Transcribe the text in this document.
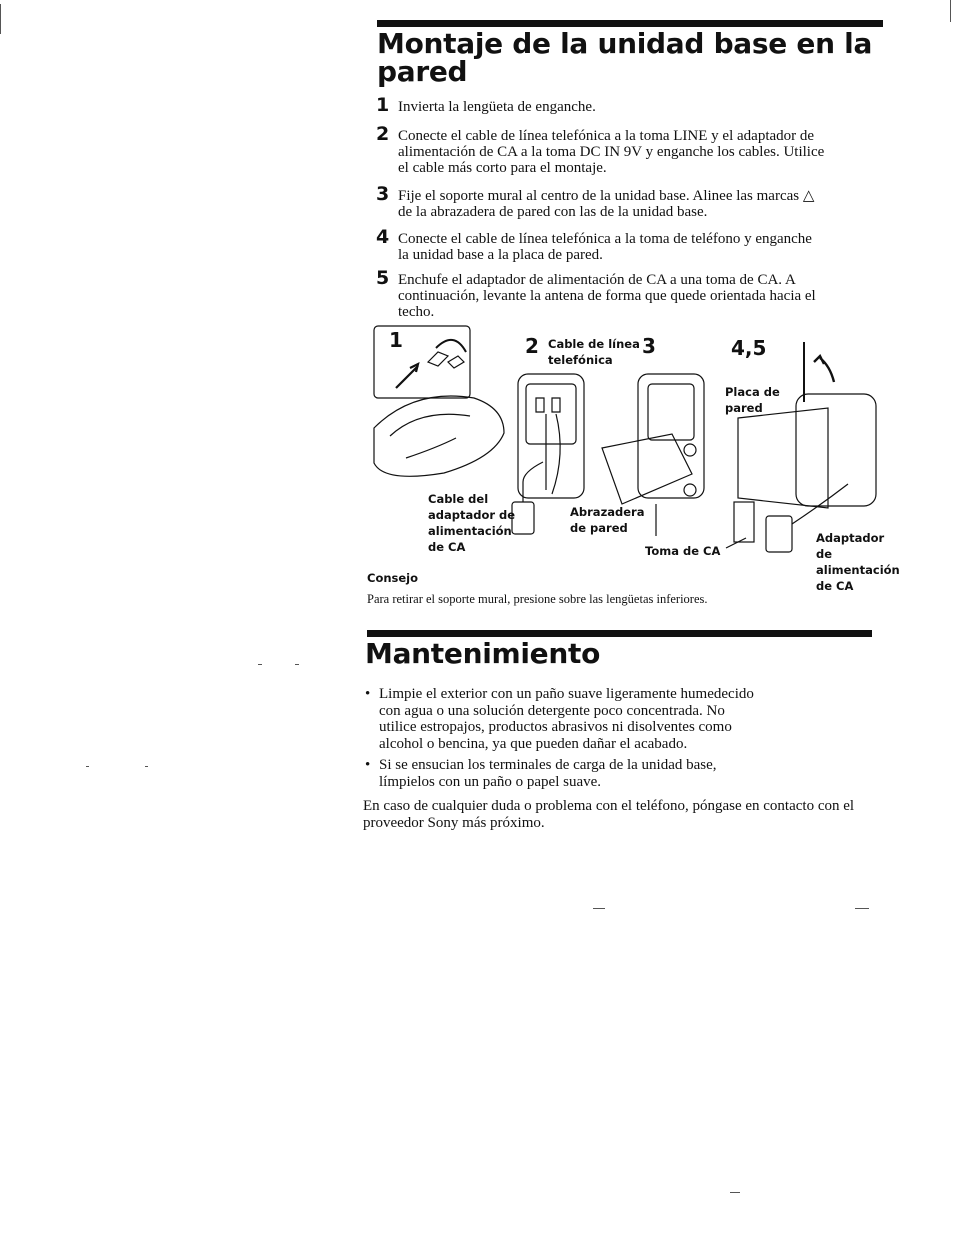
Montaje de la unidad base en la
pared
1 Invierta la lengüeta de enganche.
2 Conecte el cable de línea telefónica a la toma LINE y el adaptador de
alimentación de CA a la toma DC IN 9V y enganche los cables. Utilice
el cable más corto para el montaje.
3 Fije el soporte mural al centro de la unidad base. Alinee las marcas △
de la abrazadera de pared con las de la unidad base.
4 Conecte el cable de línea telefónica a la toma de teléfono y enganche
la unidad base a la placa de pared.
5 Enchufe el adaptador de alimentación de CA a una toma de CA. A
continuación, levante la antena de forma que quede orientada hacia el
techo.
1	2	3	4,5
Cable de línea
telefónica
Cable del
adaptador de
alimentación
de CA
Abrazadera
de pared
Toma de CA
Placa de
pared
Adaptador
de
alimentación
de CA
Consejo
Para retirar el soporte mural, presione sobre las lengüetas inferiores.
Mantenimiento
• Limpie el exterior con un paño suave ligeramente humedecido
con agua o una solución detergente poco concentrada. No
utilice estropajos, productos abrasivos ni disolventes como
alcohol o bencina, ya que pueden dañar el acabado.
• Si se ensucian los terminales de carga de la unidad base,
límpielos con un paño o papel suave.
En caso de cualquier duda o problema con el teléfono, póngase en contacto con el
proveedor Sony más próximo.
